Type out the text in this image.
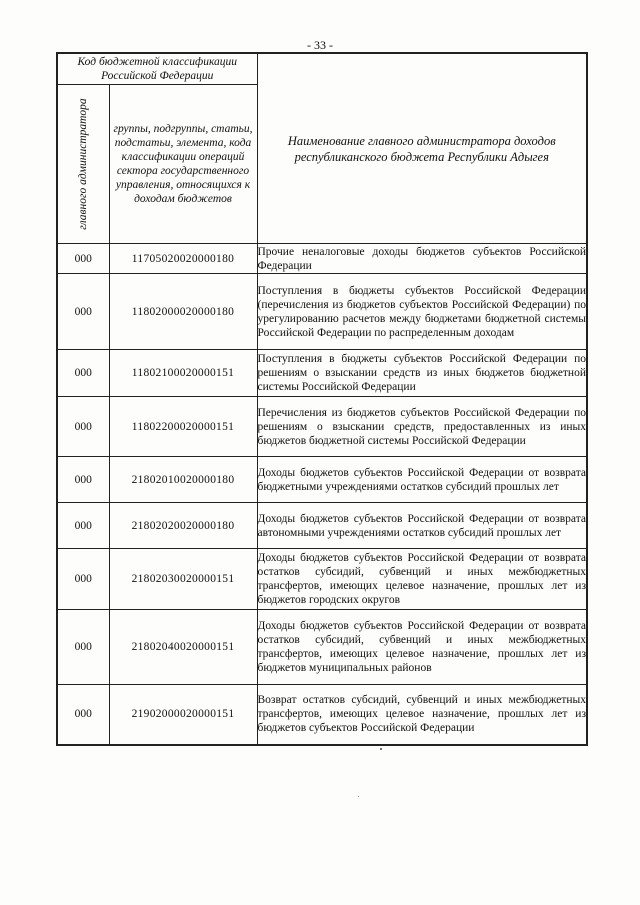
- 33 -
Код бюджетной классификации Российской Федерации		Наименование главного администратора доходов республиканского бюджета Республики Адыгея

главного администратора	группы, подгруппы, статьи, подстатьи, элемента, кода классификации операций сектора государственного управления, относящихся к доходам бюджетов	
000	11705020020000180	Прочие неналоговые доходы бюджетов субъектов Российской Федерации
000	11802000020000180	Поступления в бюджеты субъектов Российской Федерации (перечисления из бюджетов субъектов Российской Федерации) по урегулированию расчетов между бюджетами бюджетной системы Российской Федерации по распределенным доходам
000	11802100020000151	Поступления в бюджеты субъектов Российской Федерации по решениям о взыскании средств из иных бюджетов бюджетной системы Российской Федерации
000	11802200020000151	Перечисления из бюджетов субъектов Российской Федерации по решениям о взыскании средств, предоставленных из иных бюджетов бюджетной системы Российской Федерации
000	21802010020000180	Доходы бюджетов субъектов Российской Федерации от возврата бюджетными учреждениями остатков субсидий прошлых лет
000	21802020020000180	Доходы бюджетов субъектов Российской Федерации от возврата автономными учреждениями остатков субсидий прошлых лет
000	21802030020000151	Доходы бюджетов субъектов Российской Федерации от возврата остатков субсидий, субвенций и иных межбюджетных трансфертов, имеющих целевое назначение, прошлых лет из бюджетов городских округов
000	21802040020000151	Доходы бюджетов субъектов Российской Федерации от возврата остатков субсидий, субвенций и иных межбюджетных трансфертов, имеющих целевое назначение, прошлых лет из бюджетов муниципальных районов
000	21902000020000151	Возврат остатков субсидий, субвенций и иных межбюджетных трансфертов, имеющих целевое назначение, прошлых лет из бюджетов субъектов Российской Федерации
